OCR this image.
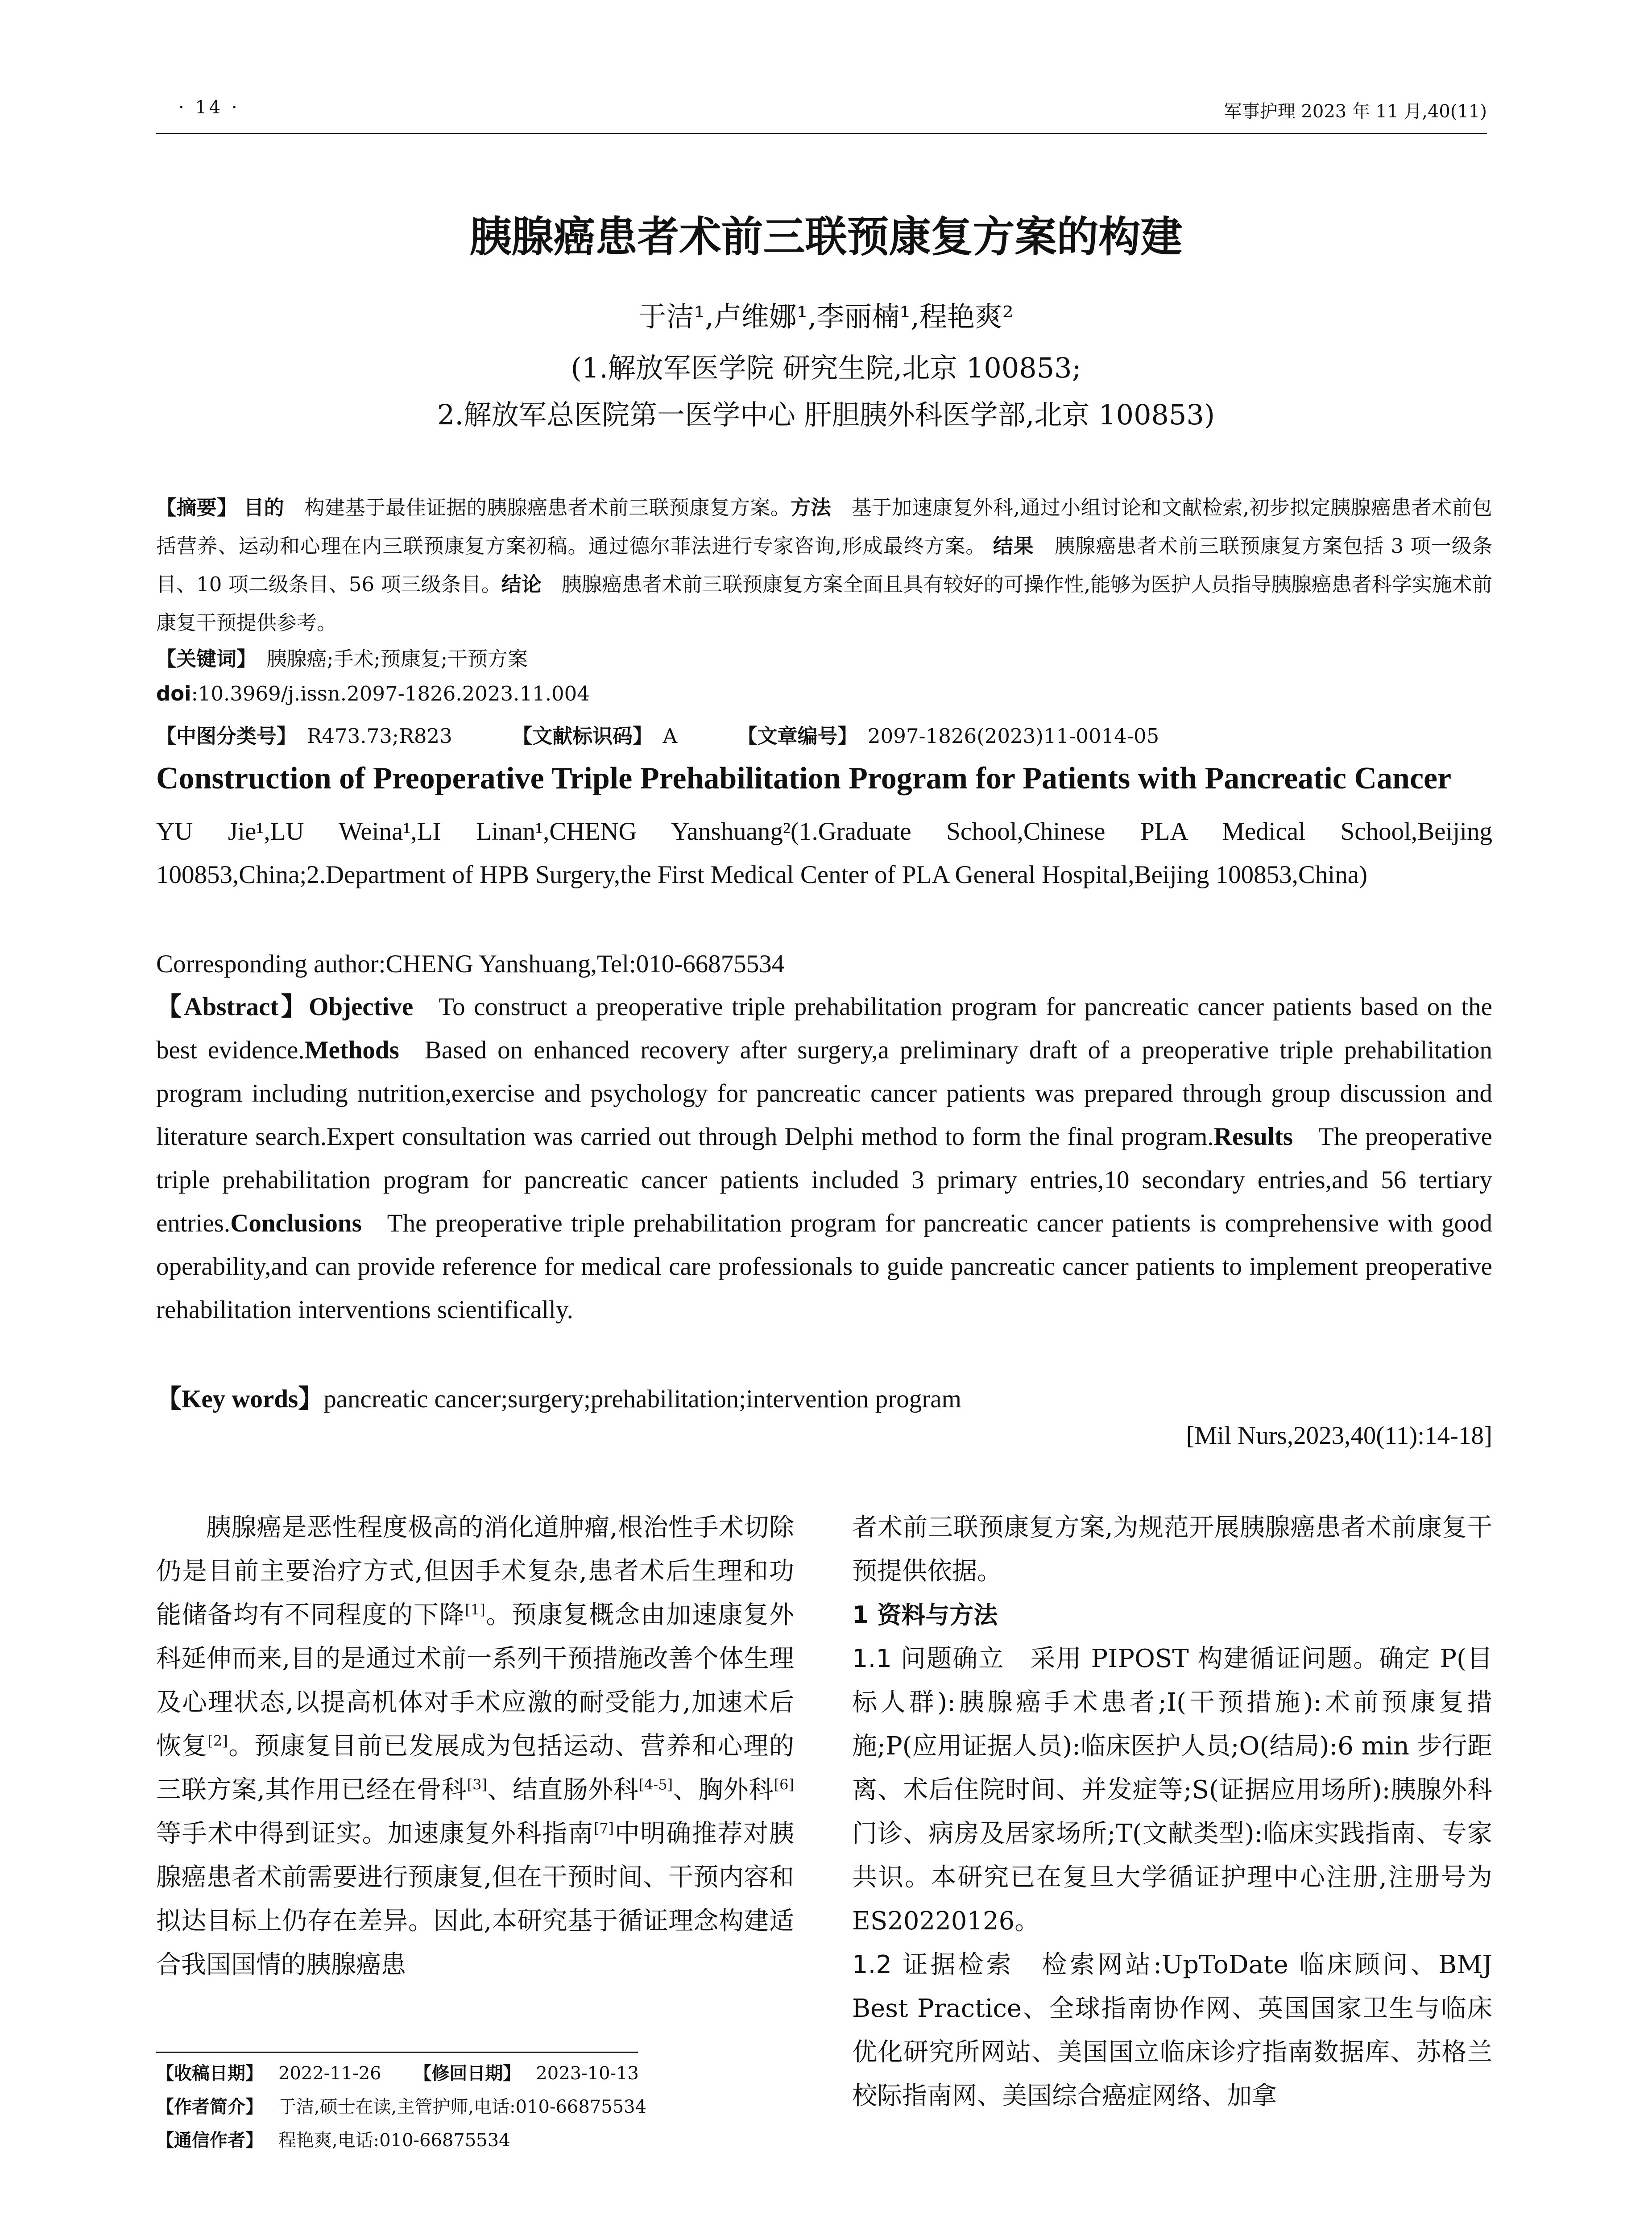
· 14 ·	军事护理 2023 年 11 月,40(11)
胰腺癌患者术前三联预康复方案的构建
于洁¹,卢维娜¹,李丽楠¹,程艳爽²
(1.解放军医学院 研究生院,北京 100853;
2.解放军总医院第一医学中心 肝胆胰外科医学部,北京 100853)
【摘要】 目的  构建基于最佳证据的胰腺癌患者术前三联预康复方案。方法  基于加速康复外科,通过小组讨论和文献检索,初步拟定胰腺癌患者术前包括营养、运动和心理在内三联预康复方案初稿。通过德尔菲法进行专家咨询,形成最终方案。 结果  胰腺癌患者术前三联预康复方案包括 3 项一级条目、10 项二级条目、56 项三级条目。结论  胰腺癌患者术前三联预康复方案全面且具有较好的可操作性,能够为医护人员指导胰腺癌患者科学实施术前康复干预提供参考。
【关键词】  胰腺癌;手术;预康复;干预方案
doi:10.3969/j.issn.2097-1826.2023.11.004
【中图分类号】  R473.73;R823	【文献标识码】  A	【文章编号】  2097-1826(2023)11-0014-05
Construction of Preoperative Triple Prehabilitation Program for Patients with Pancreatic Cancer
YU Jie¹,LU Weina¹,LI Linan¹,CHENG Yanshuang²(1.Graduate School,Chinese PLA Medical School,Beijing 100853,China;2.Department of HPB Surgery,the First Medical Center of PLA General Hospital,Beijing 100853,China)
Corresponding author:CHENG Yanshuang,Tel:010-66875534
【Abstract】Objective  To construct a preoperative triple prehabilitation program for pancreatic cancer patients based on the best evidence.Methods  Based on enhanced recovery after surgery,a preliminary draft of a preoperative triple prehabilitation program including nutrition,exercise and psychology for pancreatic cancer patients was prepared through group discussion and literature search.Expert consultation was carried out through Delphi method to form the final program.Results  The preoperative triple prehabilitation program for pancreatic cancer patients included 3 primary entries,10 secondary entries,and 56 tertiary entries.Conclusions  The preoperative triple prehabilitation program for pancreatic cancer patients is comprehensive with good operability,and can provide reference for medical care professionals to guide pancreatic cancer patients to implement preoperative rehabilitation interventions scientifically.
【Key words】pancreatic cancer;surgery;prehabilitation;intervention program
[Mil Nurs,2023,40(11):14-18]

胰腺癌是恶性程度极高的消化道肿瘤,根治性手术切除仍是目前主要治疗方式,但因手术复杂,患者术后生理和功能储备均有不同程度的下降[1]。预康复概念由加速康复外科延伸而来,目的是通过术前一系列干预措施改善个体生理及心理状态,以提高机体对手术应激的耐受能力,加速术后恢复[2]。预康复目前已发展成为包括运动、营养和心理的三联方案,其作用已经在骨科[3]、结直肠外科[4-5]、胸外科[6]等手术中得到证实。加速康复外科指南[7]中明确推荐对胰腺癌患者术前需要进行预康复,但在干预时间、干预内容和拟达目标上仍存在差异。因此,本研究基于循证理念构建适合我国国情的胰腺癌患

者术前三联预康复方案,为规范开展胰腺癌患者术前康复干预提供依据。

1 资料与方法

1.1 问题确立  采用 PIPOST 构建循证问题。确定 P(目标人群):胰腺癌手术患者;I(干预措施):术前预康复措施;P(应用证据人员):临床医护人员;O(结局):6 min 步行距离、术后住院时间、并发症等;S(证据应用场所):胰腺外科门诊、病房及居家场所;T(文献类型):临床实践指南、专家共识。本研究已在复旦大学循证护理中心注册,注册号为ES20220126。

1.2 证据检索  检索网站:UpToDate 临床顾问、BMJ Best Practice、全球指南协作网、英国国家卫生与临床优化研究所网站、美国国立临床诊疗指南数据库、苏格兰校际指南网、美国综合癌症网络、加拿

【收稿日期】 2022-11-26 【修回日期】 2023-10-13
【作者简介】 于洁,硕士在读,主管护师,电话:010-66875534
【通信作者】 程艳爽,电话:010-66875534
